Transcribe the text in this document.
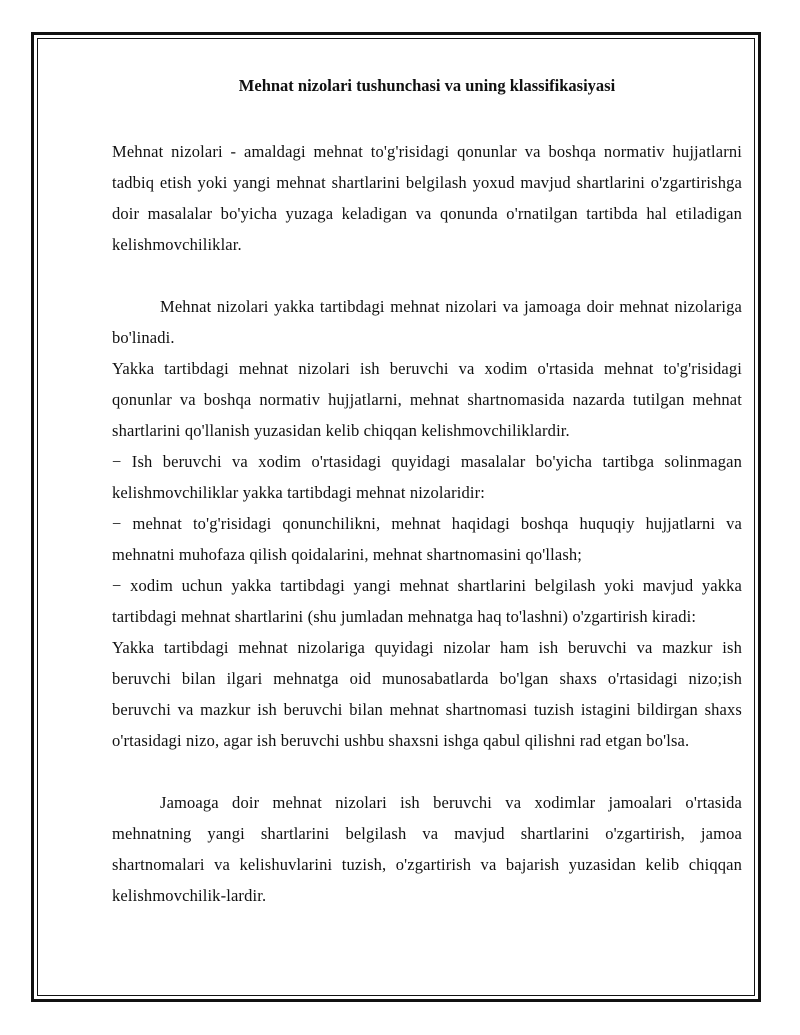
Mehnat nizolari tushunchasi va uning klassifikasiyasi

Mehnat nizolari - amaldagi mehnat to'g'risidagi qonunlar va boshqa normativ hujjatlarni tadbiq etish yoki yangi mehnat shartlarini belgilash yoxud mavjud shartlarini o'zgartirishga doir masalalar bo'yicha yuzaga keladigan va qonunda o'rnatilgan tartibda hal etiladigan kelishmovchiliklar.

Mehnat nizolari yakka tartibdagi mehnat nizolari va jamoaga doir mehnat nizolariga bo'linadi.

Yakka tartibdagi mehnat nizolari ish beruvchi va xodim o'rtasida mehnat to'g'risidagi qonunlar va boshqa normativ hujjatlarni, mehnat shartnomasida nazarda tutilgan mehnat shartlarini qo'llanish yuzasidan kelib chiqqan kelishmovchiliklardir.

− Ish beruvchi va xodim o'rtasidagi quyidagi masalalar bo'yicha tartibga solinmagan kelishmovchiliklar yakka tartibdagi mehnat nizolaridir:

− mehnat to'g'risidagi qonunchilikni, mehnat haqidagi boshqa huquqiy hujjatlarni va mehnatni muhofaza qilish qoidalarini, mehnat shartnomasini qo'llash;

− xodim uchun yakka tartibdagi yangi mehnat shartlarini belgilash yoki mavjud yakka tartibdagi mehnat shartlarini (shu jumladan mehnatga haq to'lashni) o'zgartirish kiradi:

Yakka tartibdagi mehnat nizolariga quyidagi nizolar ham ish beruvchi va mazkur ish beruvchi bilan ilgari mehnatga oid munosabatlarda bo'lgan shaxs o'rtasidagi nizo;ish beruvchi va mazkur ish beruvchi bilan mehnat shartnomasi tuzish istagini bildirgan shaxs o'rtasidagi nizo, agar ish beruvchi ushbu shaxsni ishga qabul qilishni rad etgan bo'lsa.

Jamoaga doir mehnat nizolari ish beruvchi va xodimlar jamoalari o'rtasida mehnatning yangi shartlarini belgilash va mavjud shartlarini o'zgartirish, jamoa shartnomalari va kelishuvlarini tuzish, o'zgartirish va bajarish yuzasidan kelib chiqqan kelishmovchilik-lardir.
